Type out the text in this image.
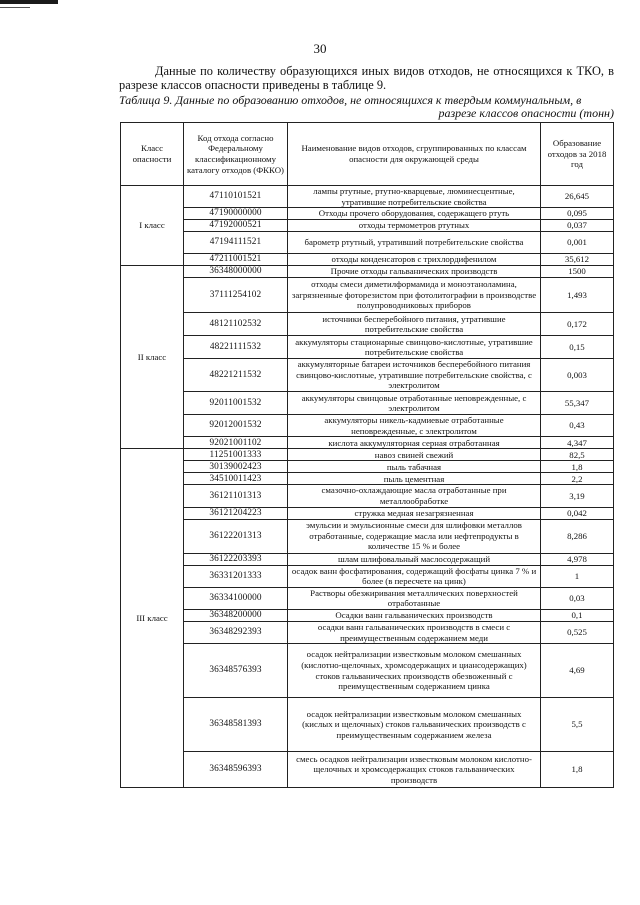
30
Данные по количеству образующихся иных видов отходов, не относящихся к ТКО, в разрезе классов опасности приведены в таблице 9.
Таблица 9. Данные по образованию отходов, не относящихся к твердым коммунальным, в
разрезе классов опасности (тонн)
Класс опасности	Код отхода согласно Федеральному классификационному каталогу отходов (ФККО)	Наименование видов отходов, сгруппированных по классам опасности для окружающей среды	Образование отходов за 2018 год
I класс	47110101521	лампы ртутные, ртутно-кварцевые, люминесцентные, утратившие потребительские свойства	26,645
	47190000000	Отходы прочего оборудования, содержащего ртуть	0,095
	47192000521	отходы термометров ртутных	0,037
	47194111521	барометр ртутный, утративший потребительские свойства	0,001
	47211001521	отходы конденсаторов с трихлордифенилом	35,612
II класс	36348000000	Прочие отходы гальванических производств	1500
	37111254102	отходы смеси диметилформамида и моноэтаноламина, загрязненные фоторезистом при фотолитографии в производстве полупроводниковых приборов	1,493
	48121102532	источники бесперебойного питания, утратившие потребительские свойства	0,172
	48221111532	аккумуляторы стационарные свинцово-кислотные, утратившие потребительские свойства	0,15
	48221211532	аккумуляторные батареи источников бесперебойного питания свинцово-кислотные, утратившие потребительские свойства, с электролитом	0,003
	92011001532	аккумуляторы свинцовые отработанные неповрежденные, с электролитом	55,347
	92012001532	аккумуляторы никель-кадмиевые отработанные неповрежденные, с электролитом	0,43
	92021001102	кислота аккумуляторная серная отработанная	4,347
III класс	11251001333	навоз свиней свежий	82,5
	30139002423	пыль табачная	1,8
	34510011423	пыль цементная	2,2
	36121101313	смазочно-охлаждающие масла отработанные при металлообработке	3,19
	36121204223	стружка медная незагрязненная	0,042
	36122201313	эмульсии и эмульсионные смеси для шлифовки металлов отработанные, содержащие масла или нефтепродукты в количестве 15 % и более	8,286
	36122203393	шлам шлифовальный маслосодержащий	4,978
	36331201333	осадок ванн фосфатирования, содержащий фосфаты цинка 7 % и более (в пересчете на цинк)	1
	36334100000	Растворы обезжиривания металлических поверхностей отработанные	0,03
	36348200000	Осадки ванн гальванических производств	0,1
	36348292393	осадки ванн гальванических производств в смеси с преимущественным содержанием меди	0,525
	36348576393	осадок нейтрализации известковым молоком смешанных (кислотно-щелочных, хромсодержащих и циансодержащих) стоков гальванических производств обезвоженный с преимущественным содержанием цинка	4,69
	36348581393	осадок нейтрализации известковым молоком смешанных (кислых и щелочных) стоков гальванических производств с преимущественным содержанием железа	5,5
	36348596393	смесь осадков нейтрализации известковым молоком кислотно-щелочных и хромсодержащих стоков гальванических производств	1,8
